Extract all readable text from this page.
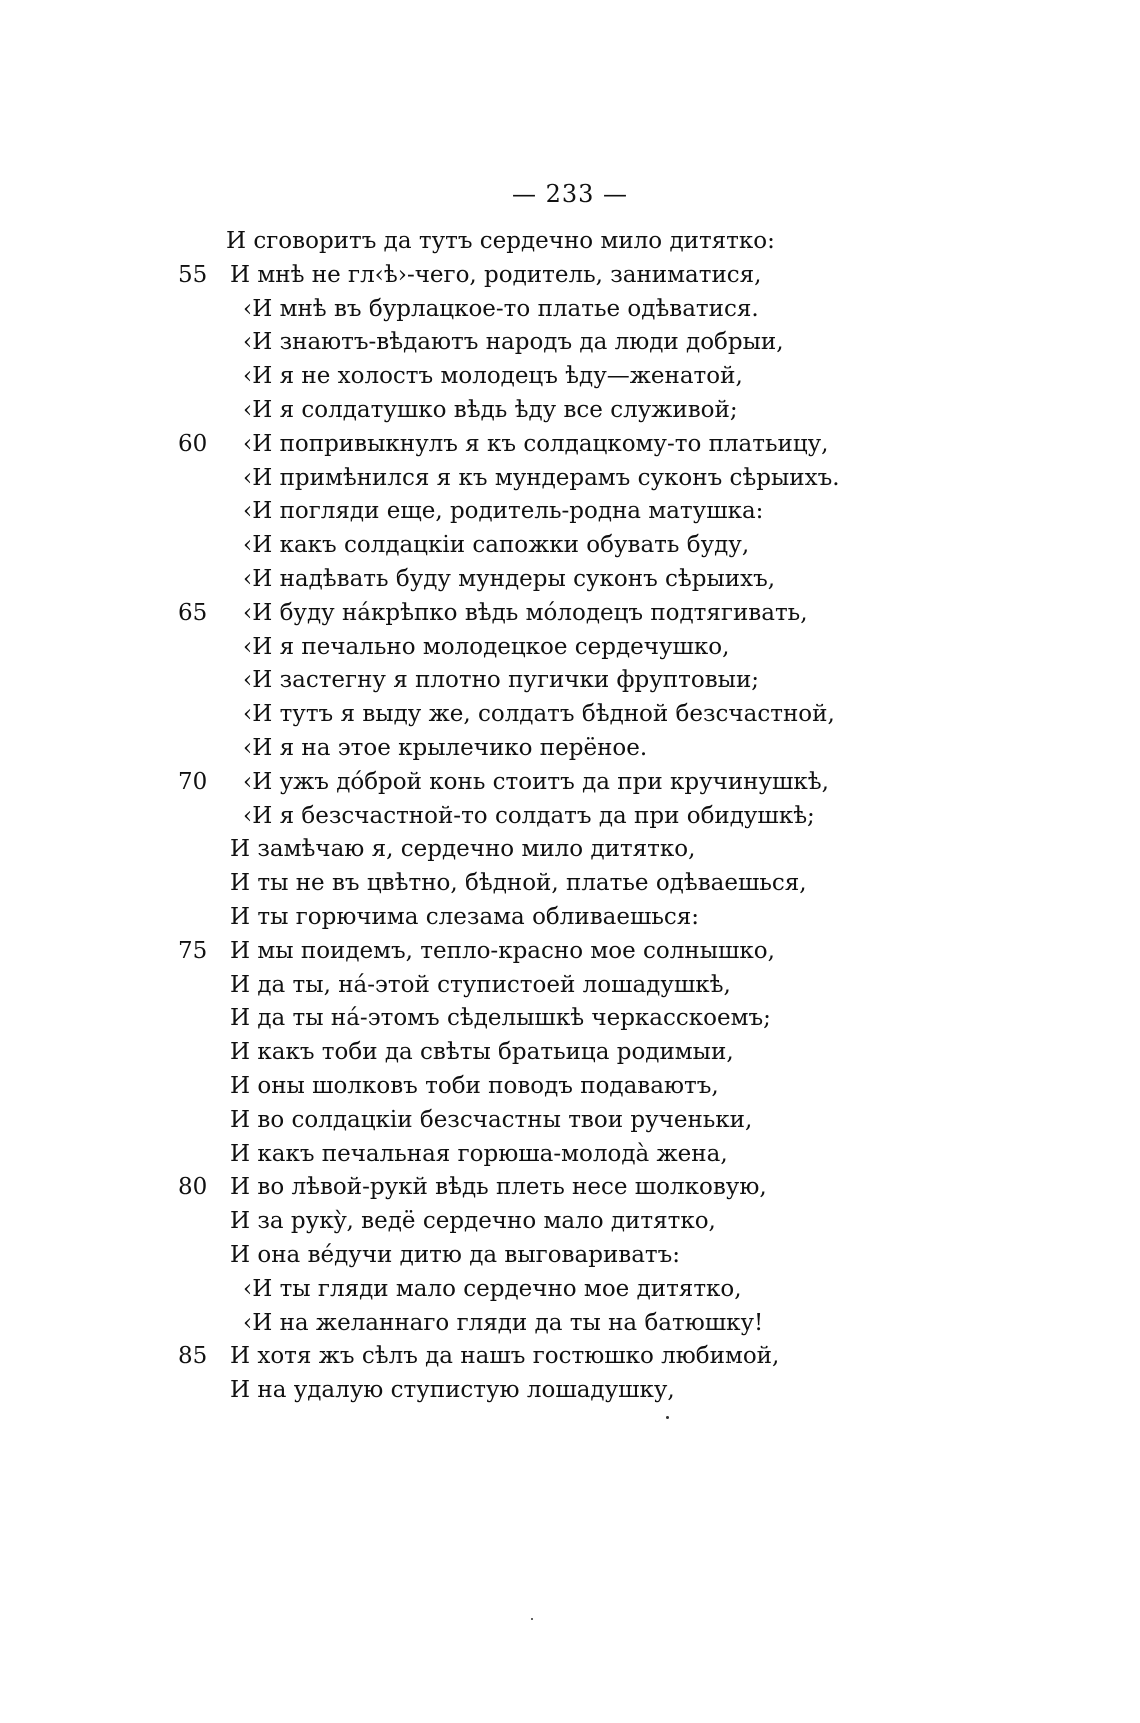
— 233 —
И сговоритъ да тутъ сердечно мило дитятко:
55 И мнѣ не гл‹ѣ›-чего, родитель, заниматися,
‹И мнѣ въ бурлацкое-то платье одѣватися.
‹И знаютъ-вѣдаютъ народъ да люди добрыи,
‹И я не холостъ молодецъ ѣду—женатой,
‹И я солдатушко вѣдь ѣду все служивой;
60	‹И попривыкнулъ я къ солдацкому-то платьицу,
‹И примѣнился я къ мундерамъ суконъ сѣрыихъ.
‹И погляди еще, родитель-родна матушка:
‹И какъ солдацкіи сапожки обувать буду,
‹И надѣвать буду мундеры суконъ сѣрыихъ,
65	‹И буду нáкрѣпко вѣдь мóлодецъ подтягивать,
‹И я печально молодецкое сердечушко,
‹И застегну я плотно пугички фруптовыи;
‹И тутъ я выду же, солдатъ бѣдной безсчастной,
‹И я на этое крылечико перёное.
70	‹И ужъ дóброй конь стоитъ да при кручинушкѣ,
‹И я безсчастной-то солдатъ да при обидушкѣ;
И замѣчаю я, сердечно мило дитятко,
И ты не въ цвѣтно, бѣдной, платье одѣваешься,
И ты горючима слезама обливаешься:
75 И мы поидемъ, тепло-красно мое солнышко,
И да ты, нá-этой ступистоей лошадушкѣ,
И да ты нá-этомъ сѣделышкѣ черкасскоемъ;
И какъ тоби да свѣты братьица родимыи,
И оны шолковъ тоби поводъ подаваютъ,
И во солдацкіи безсчастны твои рученьки,
И какъ печальная горюша-молодà жена,
80 И во лѣвой-рукй вѣдь плеть несе шолковую,
И за рукỳ, ведё сердечно мало дитятко,
И она вéдучи дитю да выговариватъ:
‹И ты гляди мало сердечно мое дитятко,
‹И на желаннаго гляди да ты на батюшку!
85 И хотя жъ сѣлъ да нашъ гостюшко любимой,
И на удалую ступистую лошадушку,
